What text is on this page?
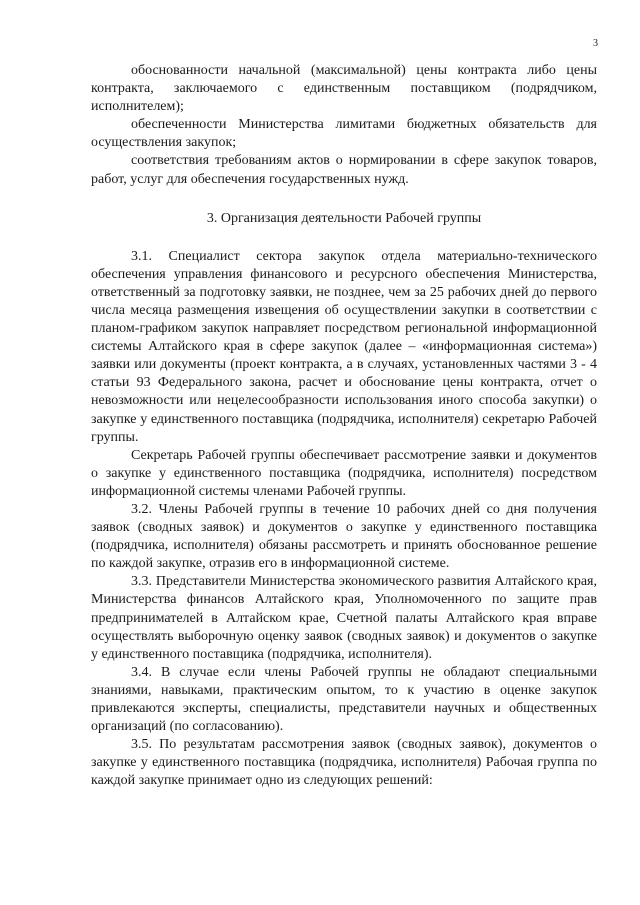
3

обоснованности начальной (максимальной) цены контракта либо цены контракта, заключаемого с единственным поставщиком (подрядчиком, исполнителем);

обеспеченности Министерства лимитами бюджетных обязательств для осуществления закупок;

соответствия требованиям актов о нормировании в сфере закупок товаров, работ, услуг для обеспечения государственных нужд.

3. Организация деятельности Рабочей группы

3.1. Специалист сектора закупок отдела материально-технического обеспечения управления финансового и ресурсного обеспечения Министерства, ответственный за подготовку заявки, не позднее, чем за 25 рабочих дней до первого числа месяца размещения извещения об осуществлении закупки в соответствии с планом-графиком закупок направляет посредством региональной информационной системы Алтайского края в сфере закупок (далее – «информационная система») заявки или документы (проект контракта, а в случаях, установленных частями 3 - 4 статьи 93 Федерального закона, расчет и обоснование цены контракта, отчет о невозможности или нецелесообразности использования иного способа закупки) о закупке у единственного поставщика (подрядчика, исполнителя) секретарю Рабочей группы.

Секретарь Рабочей группы обеспечивает рассмотрение заявки и документов о закупке у единственного поставщика (подрядчика, исполнителя) посредством информационной системы членами Рабочей группы.

3.2. Члены Рабочей группы в течение 10 рабочих дней со дня получения заявок (сводных заявок) и документов о закупке у единственного поставщика (подрядчика, исполнителя) обязаны рассмотреть и принять обоснованное решение по каждой закупке, отразив его в информационной системе.

3.3. Представители Министерства экономического развития Алтайского края, Министерства финансов Алтайского края, Уполномоченного по защите прав предпринимателей в Алтайском крае, Счетной палаты Алтайского края вправе осуществлять выборочную оценку заявок (сводных заявок) и документов о закупке у единственного поставщика (подрядчика, исполнителя).

3.4. В случае если члены Рабочей группы не обладают специальными знаниями, навыками, практическим опытом, то к участию в оценке закупок привлекаются эксперты, специалисты, представители научных и общественных организаций (по согласованию).

3.5. По результатам рассмотрения заявок (сводных заявок), документов о закупке у единственного поставщика (подрядчика, исполнителя) Рабочая группа по каждой закупке принимает одно из следующих решений:
